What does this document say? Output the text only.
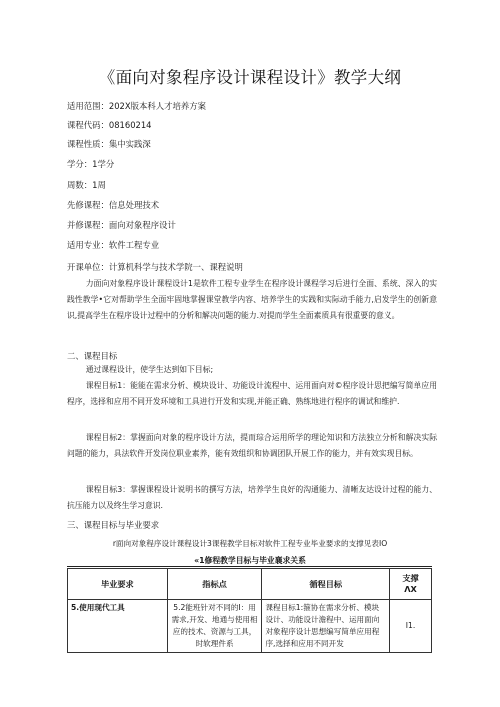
《面向对象程序设计课程设计》教学大纲
适用范围：202X版本科人才培养方案
课程代码：08160214
课程性质：集中实践深
学分：1学分
周数：1周
先修课程：信息处理技术
并修课程：面向对象程序设计
适用专业：软件工程专业
开课单位：计算机科学与技术学院一、课程说明
力面向对象程序设计课程设计1是软件工程专业学生在程序设计课程学习后进行全面、系统、深入的实践性教学•它对帮助学生全面牢固地掌握课堂教学内容、培养学生的实践和实际动手能力,启发学生的创新意识,提高学生在程序设计过程中的分析和解决问题的能力.对提而学生全面素质具有很重要的意义。
二、课程目标
通过课程设计，使学生达到如下目标;
课程目标1：能能在需求分析、模块设计、功能设计流程中、运用面向对©程序设计思把编写简单应用程序，选择和应用不同开发环境和工具进行开发和实现,并能正确、熟练地进行程序的调试和维护.
课程目标2：掌握面向对象的程序设计方法，提而琮合运用所学的理论知识和方法独立分析和解决实际问题的能力，具法软件开发岗位职业素养，能有效组织和协调团队开展工作的能力，并有效实现目标。
课程目标3：掌握课程设计说明书的撰写方法，培养学生良好的沟通能力、清晰友达设计过程的能力、抗压能力以及终生学习意识.
三、课程目标与毕业要求
r面向对象程序设计课程设计3课程教学目标对软件工程专业毕业要求的支撑见表IO
«1修程教学目标与毕业襄求关系
毕业要求	指标点	循程目标	支撑
ΛX
5.使用现代工具	5.2能班针对不同的I：用需求,开发、地通与使用相应的技术、资源与工具，时软理件系	课程目标1:箍协在需求分析、模块设计、功能设计澹程中、运用面向对象程序设计思想编写简单应用程序,选择和应用不同开发	I1.
